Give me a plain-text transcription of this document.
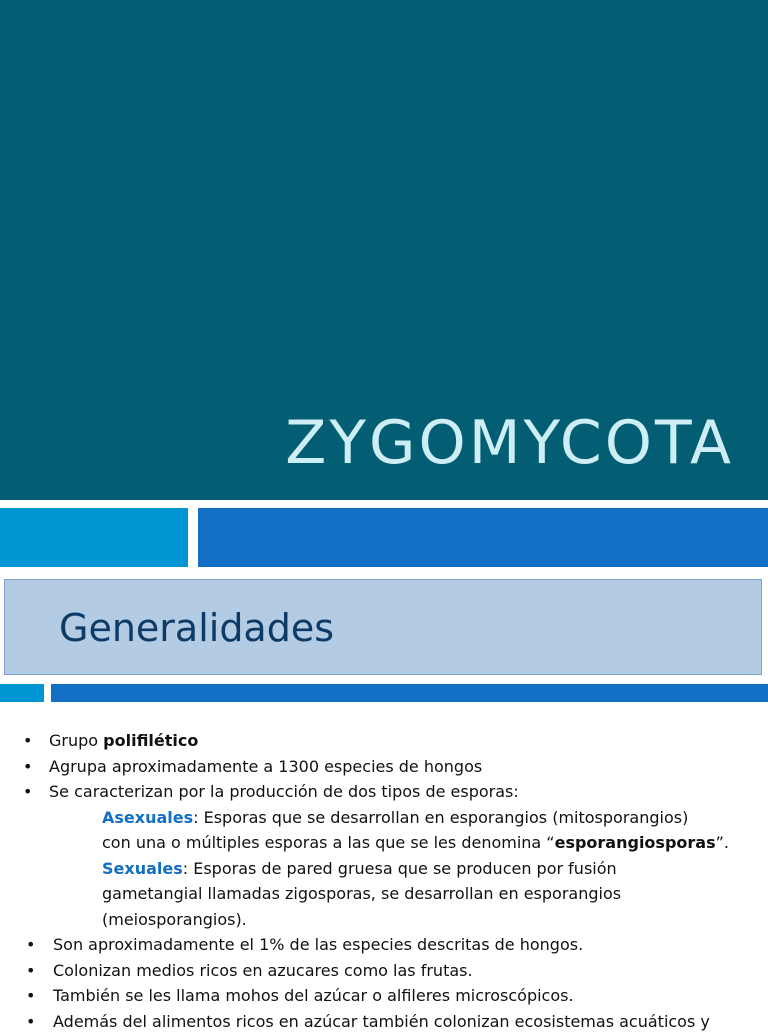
ZYGOMYCOTA
Generalidades
• Grupo polifilético
• Agrupa aproximadamente a 1300 especies de hongos
• Se caracterizan por la producción de dos tipos de esporas:
Asexuales: Esporas que se desarrollan en esporangios (mitosporangios)
con una o múltiples esporas a las que se les denomina “esporangiosporas”.
Sexuales: Esporas de pared gruesa que se producen por fusión
gametangial llamadas zigosporas, se desarrollan en esporangios
(meiosporangios).
• Son aproximadamente el 1% de las especies descritas de hongos.
• Colonizan medios ricos en azucares como las frutas.
• También se les llama mohos del azúcar o alfileres microscópicos.
• Además del alimentos ricos en azúcar también colonizan ecosistemas acuáticos y
